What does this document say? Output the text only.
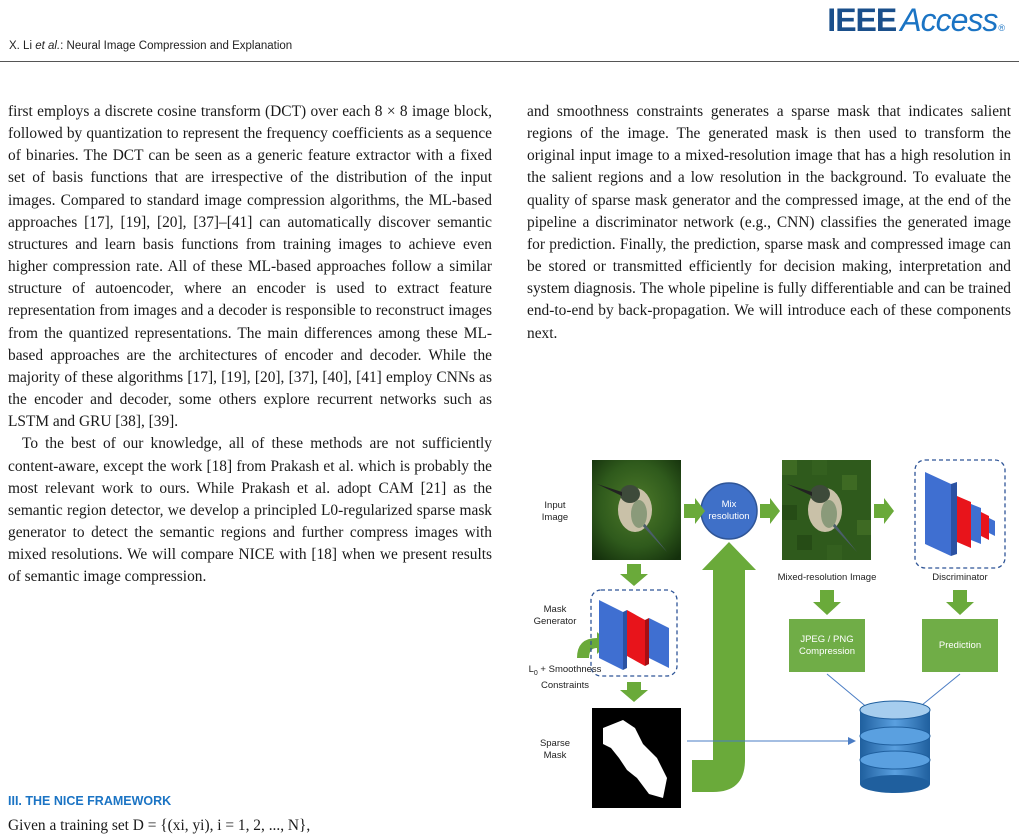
IEEE Access ®
X. Li et al.: Neural Image Compression and Explanation

first employs a discrete cosine transform (DCT) over each 8 × 8 image block, followed by quantization to represent the frequency coefficients as a sequence of binaries. The DCT can be seen as a generic feature extractor with a fixed set of basis functions that are irrespective of the distribution of the input images. Compared to standard image compression algorithms, the ML-based approaches [17], [19], [20], [37]–[41] can automatically discover semantic structures and learn basis functions from training images to achieve even higher compression rate. All of these ML-based approaches follow a similar structure of autoencoder, where an encoder is used to extract feature representation from images and a decoder is responsible to reconstruct images from the quantized representations. The main differences among these ML-based approaches are the architectures of encoder and decoder. While the majority of these algorithms [17], [19], [20], [37], [40], [41] employ CNNs as the encoder and decoder, some others explore recurrent networks such as LSTM and GRU [38], [39].

To the best of our knowledge, all of these methods are not sufficiently content-aware, except the work [18] from Prakash et al. which is probably the most relevant work to ours. While Prakash et al. adopt CAM [21] as the semantic region detector, we develop a principled L0-regularized sparse mask generator to detect the semantic regions and further compress images with mixed resolutions. We will compare NICE with [18] when we present results of semantic image compression.

III. THE NICE FRAMEWORK
Given a training set D = {(xi, yi), i = 1, 2, ..., N},

and smoothness constraints generates a sparse mask that indicates salient regions of the image. The generated mask is then used to transform the original input image to a mixed-resolution image that has a high resolution in the salient regions and a low resolution in the background. To evaluate the quality of sparse mask generator and the compressed image, at the end of the pipeline a discriminator network (e.g., CNN) classifies the generated image for prediction. Finally, the prediction, sparse mask and compressed image can be stored or transmitted efficiently for decision making, interpretation and system diagnosis. The whole pipeline is fully differentiable and can be trained end-to-end by back-propagation. We will introduce each of these components next.

Input
Image
Mix
resolution
Mixed-resolution Image	Discriminator
Mask
Generator
$L_0$ + Smoothness
Constraints
JPEG / PNG
Compression
Prediction
Sparse
Mask
